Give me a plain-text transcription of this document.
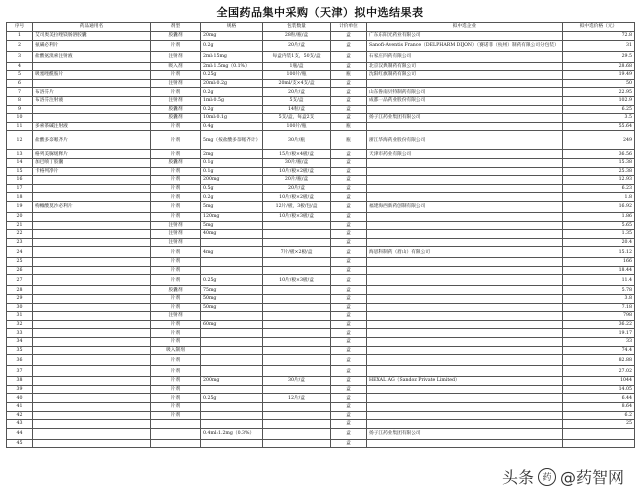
全国药品集中采购（天津）拟中选结果表
序号	药品通用名	剂型	规格	包装数量	计价单位	拟中选企业	拟中选价格（元）
1	艾司奥美拉唑镁肠溶胶囊	胶囊剂	20mg	28粒/瓶/盒	盒	广东东阳光药业有限公司	72.8
2	氨磺必利片	片剂	0.2g	20片/盒	盒	Sanofi-Aventis France（DELPHARM DIJON）（赛诺菲（杭州）制药有限公司分包装）	31
3	盐酸氨溴索注射液	注射剂	2ml:15mg	每盒内装1支，50支/盒	盒	石家庄四药有限公司	29.5
4		吸入剂	2ml:1.5mg（0.1%）	1瓶/盒	盒	北京汉典制药有限公司	28.68
5	吸塞唑酰胺片	片剂	0.25g	100片/瓶	瓶	沈阳红旗制药有限公司	19.49
6		注射剂	20ml:0.2g	20ml/支×4支/盒	盒		50
7	布洛芬片	片剂	0.2g	20片/盒	盒	山东鲁南贝特制药有限公司	22.95
8	布洛芬注射液	注射剂	1ml:0.5g	5支/盒	盒	成都一品药业股份有限公司	102.9
9		胶囊剂	0.2g	14粒/盒	盒		6.25
10		胶囊剂	10ml:0.1g	5支/盒，每盒2支	盒	扬子江药业集团有限公司	3.5
11	多索茶碱注射液	片剂	0.4g	100片/瓶	瓶		55.64
12	盐酸多奈哌齐片	片剂	5mg（按盐酸多奈哌齐计）	30片/瓶	瓶	浙江华海药业股份有限公司	249
13	格列美脲缓释片	片剂	2mg	15片/板×4板/盒	盒	天津市药业有限公司	36.56
14	加巴喷丁胶囊	胶囊剂	0.1g	30片/瓶/盒	盒		15.38
15	卡格列净片	片剂	0.1g	10片/板×2板/盒	盒		25.38
16		片剂	200mg	20片/瓶/盒	盒		12.93
17		片剂	0.5g	20片/盒	盒		6.23
18		片剂	0.2g	10片/板×2板/盒	盒		1.8
19	枸橼酸莫沙必利片	片剂	5mg	12片/板，3板/包/盒	盒	福建海西新药创制有限公司	16.92
20		片剂	120mg	10片/板×3板/盒	盒		1.86
21		注射剂	5mg		盒		5.65
22		注射剂	40mg		盒		1.35
23		注射剂			盒		20.4
24		片剂	4mg	7片/板×2板/盒	盒	海思科制药（眉山）有限公司	15.12
25		片剂			盒		166
26		片剂			盒		18.44
27		片剂	0.25g	10片/板×3板/盒	盒		11.4
28		胶囊剂	75mg		盒		5.78
29		片剂	50mg		盒		3.8
30		片剂	50mg		盒		7.18
31		注射剂			盒		798
32		片剂	60mg		盒		36.22
33		片剂			盒		19.17
34		片剂			盒		33
35		吸入制剂			盒		74.4
36		片剂			盒		82.88
37		片剂			盒		27.02
38		片剂	200mg	30片/盒	盒	HEXAL AG（Sandoz Private Limited）	1044
39		片剂			盒		14.05
40		片剂	0.25g	12片/盒	盒		6.44
41		片剂			盒		8.64
42		片剂			盒		6.2
43					盒		25
44			0.4ml:1.2mg（0.3%）		盒	扬子江药业集团有限公司	
45					盒		
头条 药 @药智网
